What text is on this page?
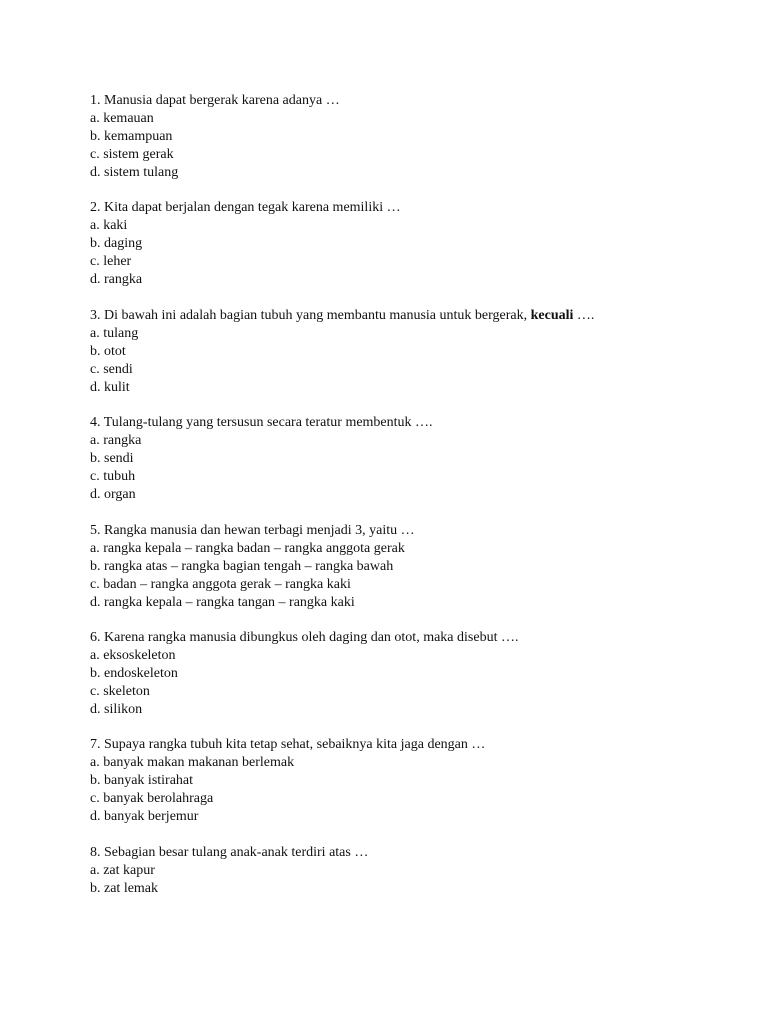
1. Manusia dapat bergerak karena adanya …
a. kemauan
b. kemampuan
c. sistem gerak
d. sistem tulang
2. Kita dapat berjalan dengan tegak karena memiliki …
a. kaki
b. daging
c. leher
d. rangka
3. Di bawah ini adalah bagian tubuh yang membantu manusia untuk bergerak, kecuali ….
a. tulang
b. otot
c. sendi
d. kulit
4. Tulang-tulang yang tersusun secara teratur membentuk ….
a. rangka
b. sendi
c. tubuh
d. organ
5. Rangka manusia dan hewan terbagi menjadi 3, yaitu …
a. rangka kepala – rangka badan – rangka anggota gerak
b. rangka atas – rangka bagian tengah – rangka bawah
c. badan – rangka anggota gerak – rangka kaki
d. rangka kepala – rangka tangan – rangka kaki
6. Karena rangka manusia dibungkus oleh daging dan otot, maka disebut ….
a. eksoskeleton
b. endoskeleton
c. skeleton
d. silikon
7. Supaya rangka tubuh kita tetap sehat, sebaiknya kita jaga dengan …
a. banyak makan makanan berlemak
b. banyak istirahat
c. banyak berolahraga
d. banyak berjemur
8. Sebagian besar tulang anak-anak terdiri atas …
a. zat kapur
b. zat lemak
